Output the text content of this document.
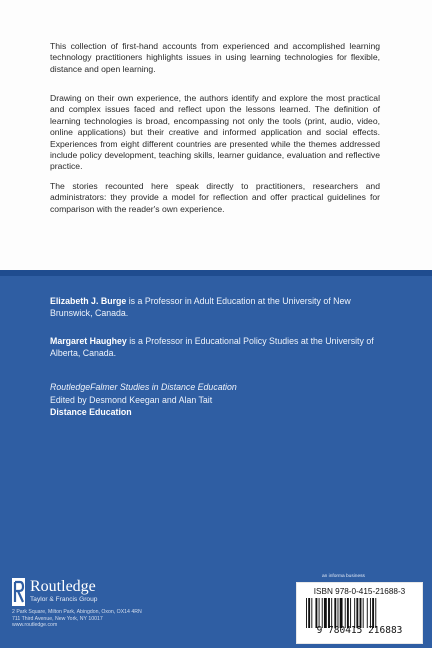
This collection of first-hand accounts from experienced and accomplished learning technology practitioners highlights issues in using learning technologies for flexible, distance and open learning.

Drawing on their own experience, the authors identify and explore the most practical and complex issues faced and reflect upon the lessons learned. The definition of learning technologies is broad, encompassing not only the tools (print, audio, video, online applications) but their creative and informed application and social effects. Experiences from eight different countries are presented while the themes addressed include policy development, teaching skills, learner guidance, evaluation and reflective practice.

The stories recounted here speak directly to practitioners, researchers and administrators: they provide a model for reflection and offer practical guidelines for comparison with the reader's own experience.

Elizabeth J. Burge is a Professor in Adult Education at the University of New Brunswick, Canada.

Margaret Haughey is a Professor in Educational Policy Studies at the University of Alberta, Canada.

RoutledgeFalmer Studies in Distance Education
Edited by Desmond Keegan and Alan Tait
Distance Education
Routledge
Taylor & Francis Group
2 Park Square, Milton Park, Abingdon, Oxon, OX14 4RN
711 Third Avenue, New York, NY 10017
www.routledge.com
an informa business
ISBN 978-0-415-21688-3
9 780415 216883
